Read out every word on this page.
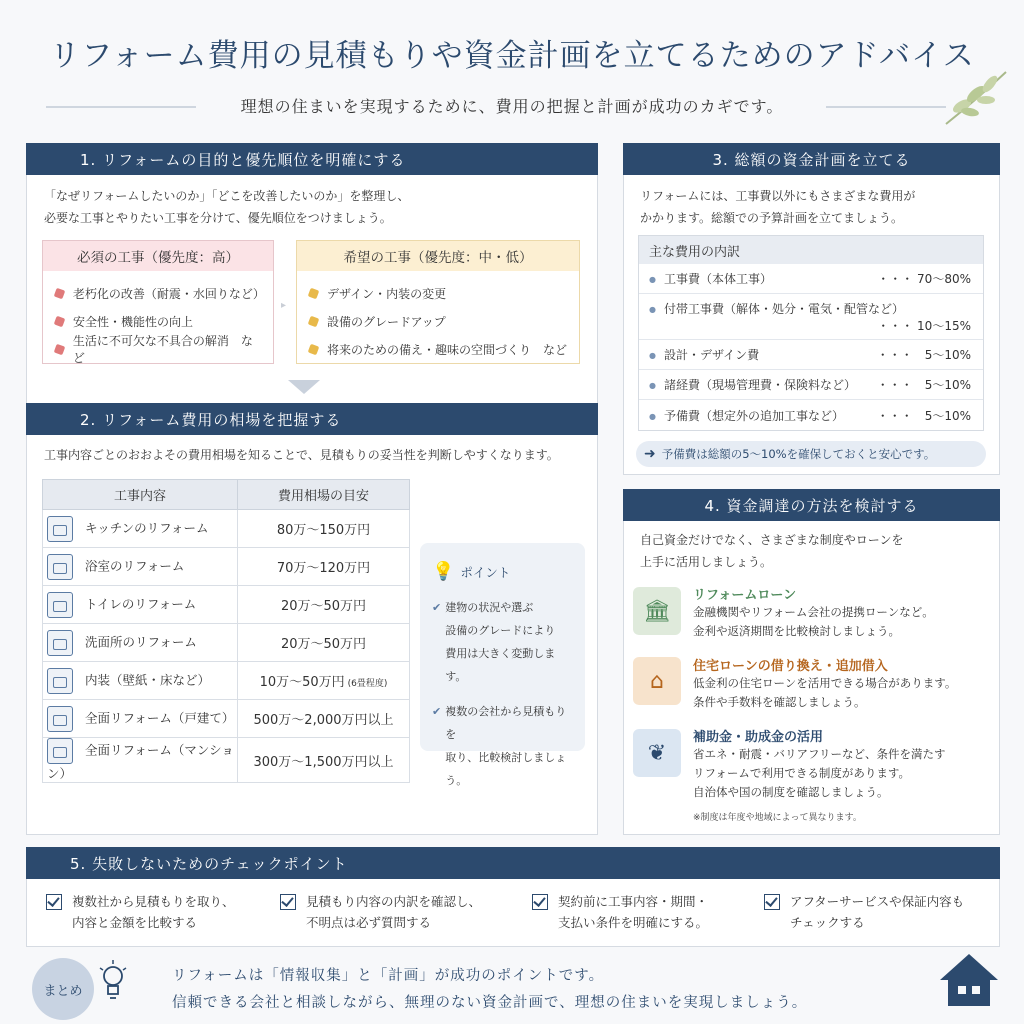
リフォーム費用の見積もりや資金計画を立てるためのアドバイス
理想の住まいを実現するために、費用の把握と計画が成功のカギです。
1. リフォームの目的と優先順位を明確にする
「なぜリフォームしたいのか」「どこを改善したいのか」を整理し、
必要な工事とやりたい工事を分けて、優先順位をつけましょう。
必須の工事（優先度：高）
老朽化の改善（耐震・水回りなど）
安全性・機能性の向上
生活に不可欠な不具合の解消　など
▸
希望の工事（優先度：中・低）
デザイン・内装の変更
設備のグレードアップ
将来のための備え・趣味の空間づくり　など
2. リフォーム費用の相場を把握する
工事内容ごとのおおよその費用相場を知ることで、見積もりの妥当性を判断しやすくなります。
工事内容	費用相場の目安
キッチンのリフォーム	80万～150万円
浴室のリフォーム	70万～120万円
トイレのリフォーム	20万～50万円
洗面所のリフォーム	20万～50万円
内装（壁紙・床など）	10万～50万円 (6畳程度)
全面リフォーム（戸建て）	500万～2,000万円以上
全面リフォーム（マンション）	300万～1,500万円以上
💡 ポイント
✔ 建物の状況や選ぶ
設備のグレードにより
費用は大きく変動します。
✔ 複数の会社から見積もりを
取り、比較検討しましょう。
3. 総額の資金計画を立てる
リフォームには、工事費以外にもさまざまな費用が
かかります。総額での予算計画を立てましょう。
主な費用の内訳
● 工事費（本体工事）	・・・ 70～80%
● 付帯工事費（解体・処分・電気・配管など）
・・・ 10～15%
● 設計・デザイン費	・・・　5～10%
● 諸経費（現場管理費・保険料など） ・・・　5～10%
● 予備費（想定外の追加工事など）	・・・　5～10%
➜ 予備費は総額の5～10%を確保しておくと安心です。
4. 資金調達の方法を検討する
自己資金だけでなく、さまざまな制度やローンを
上手に活用しましょう。
🏛
リフォームローン
金融機関やリフォーム会社の提携ローンなど。
金利や返済期間を比較検討しましょう。
⌂
住宅ローンの借り換え・追加借入
低金利の住宅ローンを活用できる場合があります。
条件や手数料を確認しましょう。
❦
補助金・助成金の活用
省エネ・耐震・バリアフリーなど、条件を満たす
リフォームで利用できる制度があります。
自治体や国の制度を確認しましょう。
※制度は年度や地域によって異なります。
5. 失敗しないためのチェックポイント
複数社から見積もりを取り、
内容と金額を比較する
見積もり内容の内訳を確認し、
不明点は必ず質問する
契約前に工事内容・期間・
支払い条件を明確にする。
アフターサービスや保証内容も
チェックする
まとめ
リフォームは「情報収集」と「計画」が成功のポイントです。
信頼できる会社と相談しながら、無理のない資金計画で、理想の住まいを実現しましょう。
